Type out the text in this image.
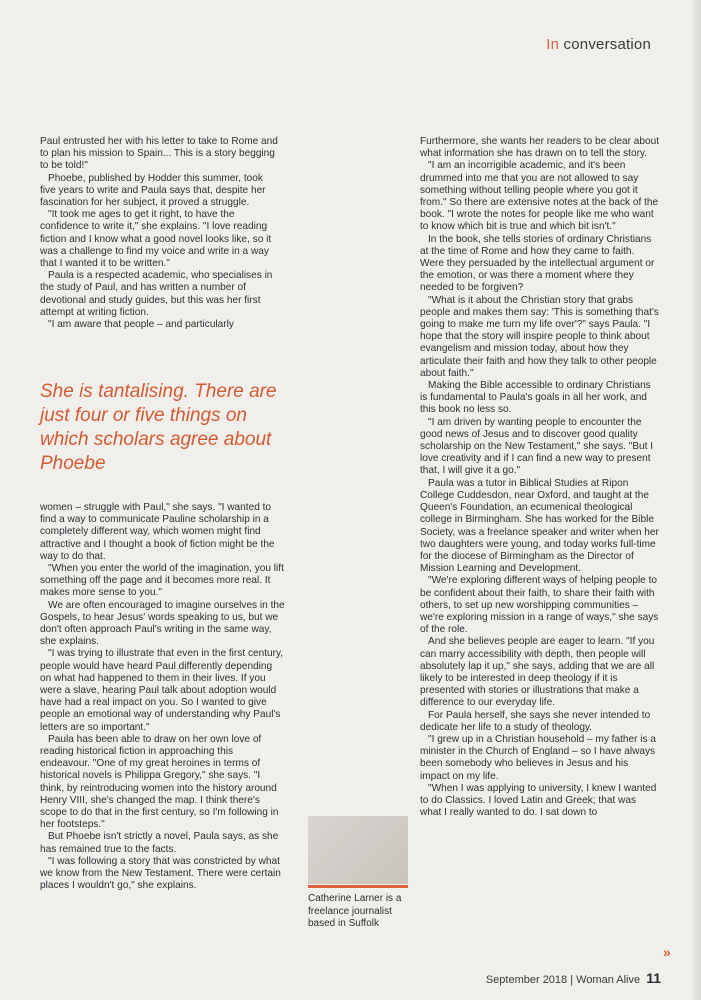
In conversation

Paul entrusted her with his letter to take to Rome and to plan his mission to Spain... This is a story begging to be told!"

Phoebe, published by Hodder this summer, took five years to write and Paula says that, despite her fascination for her subject, it proved a struggle.

"It took me ages to get it right, to have the confidence to write it," she explains. "I love reading fiction and I know what a good novel looks like, so it was a challenge to find my voice and write in a way that I wanted it to be written."

Paula is a respected academic, who specialises in the study of Paul, and has written a number of devotional and study guides, but this was her first attempt at writing fiction.

"I am aware that people – and particularly

She is tantalising. There are just four or five things on which scholars agree about Phoebe

women – struggle with Paul," she says. "I wanted to find a way to communicate Pauline scholarship in a completely different way, which women might find attractive and I thought a book of fiction might be the way to do that.

"When you enter the world of the imagination, you lift something off the page and it becomes more real. It makes more sense to you."

We are often encouraged to imagine ourselves in the Gospels, to hear Jesus' words speaking to us, but we don't often approach Paul's writing in the same way, she explains.

"I was trying to illustrate that even in the first century, people would have heard Paul differently depending on what had happened to them in their lives. If you were a slave, hearing Paul talk about adoption would have had a real impact on you. So I wanted to give people an emotional way of understanding why Paul's letters are so important."

Paula has been able to draw on her own love of reading historical fiction in approaching this endeavour. "One of my great heroines in terms of historical novels is Philippa Gregory," she says. "I think, by reintroducing women into the history around Henry VIII, she's changed the map. I think there's scope to do that in the first century, so I'm following in her footsteps."

But Phoebe isn't strictly a novel, Paula says, as she has remained true to the facts.

"I was following a story that was constricted by what we know from the New Testament. There were certain places I wouldn't go," she explains.

Furthermore, she wants her readers to be clear about what information she has drawn on to tell the story.

"I am an incorrigible academic, and it's been drummed into me that you are not allowed to say something without telling people where you got it from." So there are extensive notes at the back of the book. "I wrote the notes for people like me who want to know which bit is true and which bit isn't."

In the book, she tells stories of ordinary Christians at the time of Rome and how they came to faith. Were they persuaded by the intellectual argument or the emotion, or was there a moment where they needed to be forgiven?

"What is it about the Christian story that grabs people and makes them say: 'This is something that's going to make me turn my life over'?" says Paula. "I hope that the story will inspire people to think about evangelism and mission today, about how they articulate their faith and how they talk to other people about faith."

Making the Bible accessible to ordinary Christians is fundamental to Paula's goals in all her work, and this book no less so.

"I am driven by wanting people to encounter the good news of Jesus and to discover good quality scholarship on the New Testament," she says. "But I love creativity and if I can find a new way to present that, I will give it a go."

Paula was a tutor in Biblical Studies at Ripon College Cuddesdon, near Oxford, and taught at the Queen's Foundation, an ecumenical theological college in Birmingham. She has worked for the Bible Society, was a freelance speaker and writer when her two daughters were young, and today works full-time for the diocese of Birmingham as the Director of Mission Learning and Development.

"We're exploring different ways of helping people to be confident about their faith, to share their faith with others, to set up new worshipping communities – we're exploring mission in a range of ways," she says of the role.

And she believes people are eager to learn. "If you can marry accessibility with depth, then people will absolutely lap it up," she says, adding that we are all likely to be interested in deep theology if it is presented with stories or illustrations that make a difference to our everyday life.

For Paula herself, she says she never intended to dedicate her life to a study of theology.

"I grew up in a Christian household – my father is a minister in the Church of England – so I have always been somebody who believes in Jesus and his impact on my life.

"When I was applying to university, I knew I wanted to do Classics. I loved Latin and Greek; that was what I really wanted to do. I sat down to

Catherine Larner is a freelance journalist based in Suffolk
»
September 2018 | Woman Alive 11
